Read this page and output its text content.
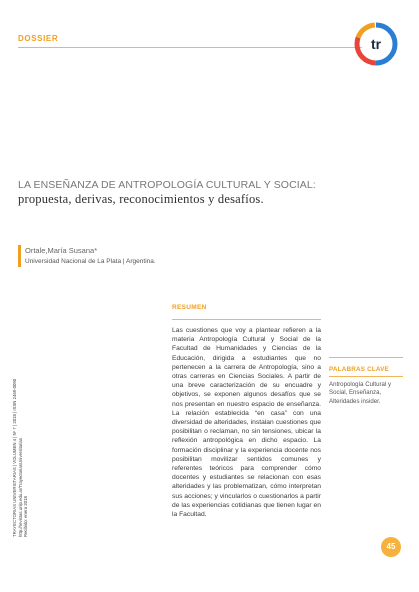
DOSSIER	tr
LA ENSEÑANZA DE ANTROPOLOGÍA CULTURAL Y SOCIAL:
propuesta, derivas, reconocimientos y desafíos.
Ortale,María Susana*
Universidad Nacional de La Plata | Argentina.
RESUMEN
Las cuestiones que voy a plantear refieren a la materia Antropología Cultural y Social de la Facultad de Humanidades y Ciencias de la Educación, dirigida a estudiantes que no pertenecen a la carrera de Antropología, sino a otras carreras en Ciencias Sociales. A partir de una breve caracterización de su encuadre y objetivos, se exponen algunos desafíos que se nos presentan en nuestro espacio de enseñanza. La relación establecida “en casa” con una diversidad de alteridades, instalan cuestiones que posibilitan o reclaman, no sin tensiones, ubicar la reflexión antropológica en dicho espacio. La formación disciplinar y la experiencia docente nos posibilitan movilizar sentidos comunes y referentes teóricos para comprender cómo docentes y estudiantes se relacionan con esas alteridades y las problematizan, cómo interpretan sus acciones; y vincularlos o cuestionarlos a partir de las experiencias cotidianas que tienen lugar en la Facultad.
PALABRAS CLAVE
Antropología Cultural y Social, Enseñanza, Alteridades insider.
TRAYECTORIAS UNIVERSITARIAS | VOLUMEN 4 | Nº 7 | 2018 | ISSN 2469-0090 http://revistas.unlp.edu.ar/TrayectoriasUniversitarias Recibido: enero 2018
45
